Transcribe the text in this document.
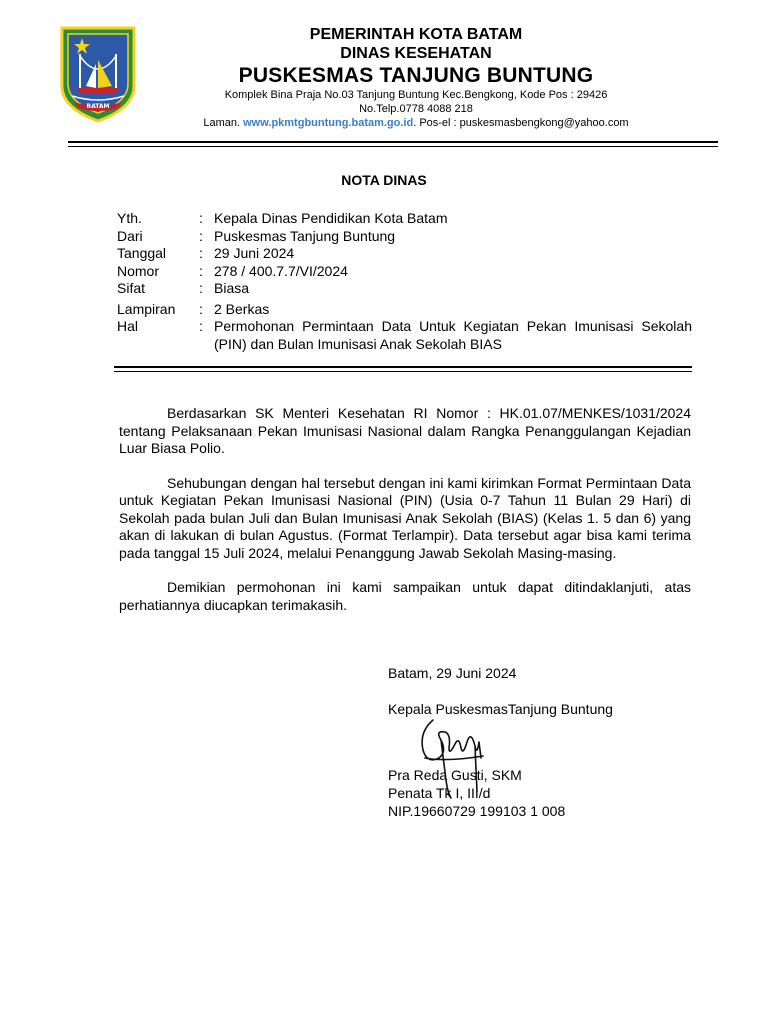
BATAM
PEMERINTAH KOTA BATAM
DINAS KESEHATAN
PUSKESMAS TANJUNG BUNTUNG
Komplek Bina Praja No.03 Tanjung Buntung Kec.Bengkong, Kode Pos : 29426
No.Telp.0778 4088 218
Laman. www.pkmtgbuntung.batam.go.id. Pos-el : puskesmasbengkong@yahoo.com
NOTA DINAS
Yth.	: Kepala Dinas Pendidikan Kota Batam
Dari	: Puskesmas Tanjung Buntung
Tanggal	: 29 Juni 2024
Nomor	: 278 / 400.7.7/VI/2024
Sifat	: Biasa
Lampiran	: 2 Berkas
Hal	: Permohonan Permintaan Data Untuk Kegiatan Pekan Imunisasi Sekolah (PIN) dan Bulan Imunisasi Anak Sekolah BIAS

Berdasarkan SK Menteri Kesehatan RI Nomor : HK.01.07/MENKES/1031/2024 tentang Pelaksanaan Pekan Imunisasi Nasional dalam Rangka Penanggulangan Kejadian Luar Biasa Polio.

Sehubungan dengan hal tersebut dengan ini kami kirimkan Format Permintaan Data untuk Kegiatan Pekan Imunisasi Nasional (PIN) (Usia 0-7 Tahun 11 Bulan 29 Hari) di Sekolah pada bulan Juli dan Bulan Imunisasi Anak Sekolah (BIAS) (Kelas 1. 5 dan 6) yang akan di lakukan di bulan Agustus. (Format Terlampir). Data tersebut agar bisa kami terima pada tanggal 15 Juli 2024, melalui Penanggung Jawab Sekolah Masing-masing.

Demikian permohonan ini kami sampaikan untuk dapat ditindaklanjuti, atas perhatiannya diucapkan terimakasih.

Batam, 29 Juni 2024
Kepala PuskesmasTanjung Buntung
Pra Reda Gusti, SKM
Penata Tk I, III/d
NIP.19660729 199103 1 008
